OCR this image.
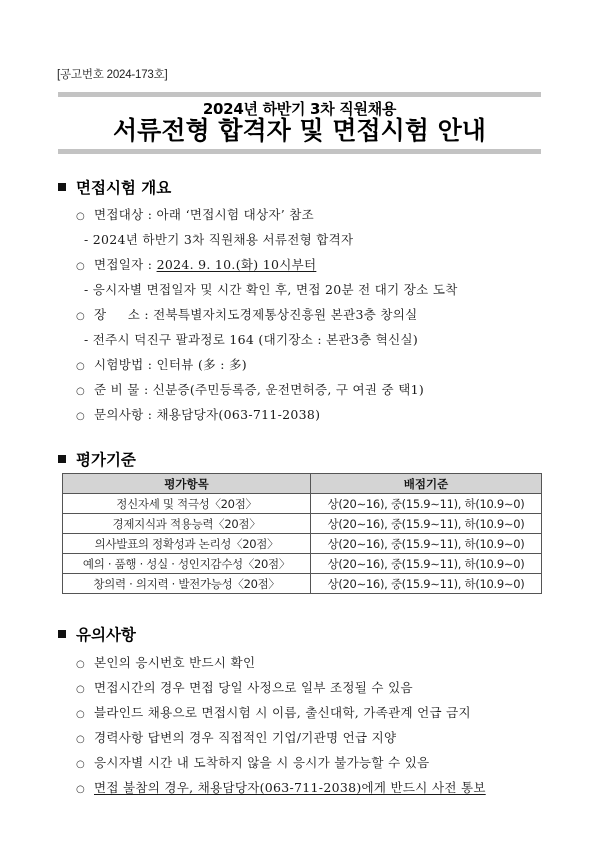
[공고번호 2024-173호]
2024년 하반기 3차 직원채용
서류전형 합격자 및 면접시험 안내
면접시험 개요
○ 면접대상 : 아래 ‘면접시험 대상자’ 참조
- 2024년 하반기 3차 직원채용 서류전형 합격자
○ 면접일자 : 2024. 9. 10.(화) 10시부터
- 응시자별 면접일자 및 시간 확인 후, 면접 20분 전 대기 장소 도착
○ 장     소 : 전북특별자치도경제통상진흥원 본관3층 창의실
- 전주시 덕진구 팔과정로 164 (대기장소 : 본관3층 혁신실)
○ 시험방법 : 인터뷰 (多 : 多)
○ 준 비 물 : 신분증(주민등록증, 운전면허증, 구 여권 중 택1)
○ 문의사항 : 채용담당자(063-711-2038)
평가기준
평가항목	배점기준
정신자세 및 적극성〈20점〉	상(20∼16), 중(15.9∼11), 하(10.9∼0)
경제지식과 적용능력〈20점〉	상(20∼16), 중(15.9∼11), 하(10.9∼0)
의사발표의 정확성과 논리성〈20점〉	상(20∼16), 중(15.9∼11), 하(10.9∼0)
예의 · 품행 · 성실 · 성인지감수성〈20점〉	상(20∼16), 중(15.9∼11), 하(10.9∼0)
창의력 · 의지력 · 발전가능성〈20점〉	상(20∼16), 중(15.9∼11), 하(10.9∼0)
유의사항
○ 본인의 응시번호 반드시 확인
○ 면접시간의 경우 면접 당일 사정으로 일부 조정될 수 있음
○ 블라인드 채용으로 면접시험 시 이름, 출신대학, 가족관계 언급 금지
○ 경력사항 답변의 경우 직접적인 기업/기관명 언급 지양
○ 응시자별 시간 내 도착하지 않을 시 응시가 불가능할 수 있음
○ 면접 불참의 경우, 채용담당자(063-711-2038)에게 반드시 사전 통보
